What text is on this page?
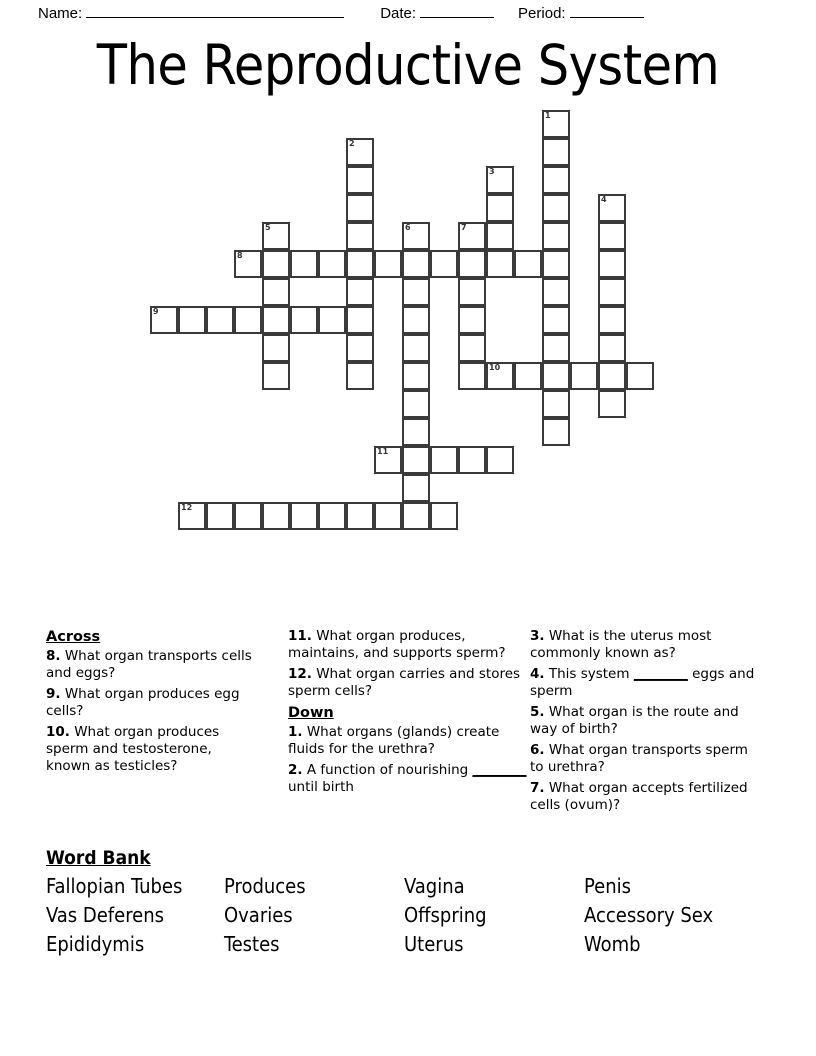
Name:	Date:	Period:
The Reproductive System
1
2
3
4
5	6	7
8
9
10
11
12
Across
8. What organ transports cells and eggs?
9. What organ produces egg cells?
10. What organ produces sperm and testosterone, known as testicles?
11. What organ produces, maintains, and supports sperm?
12. What organ carries and stores sperm cells?
Down
1. What organs (glands) create fluids for the urethra?
2. A function of nourishing ________ until birth
3. What is the uterus most commonly known as?
4. This system ________ eggs and sperm
5. What organ is the route and way of birth?
6. What organ transports sperm to urethra?
7. What organ accepts fertilized cells (ovum)?
Word Bank
Fallopian Tubes	Produces	Vagina	Penis
Vas Deferens	Ovaries	Offspring	Accessory Sex
Epididymis	Testes	Uterus	Womb
